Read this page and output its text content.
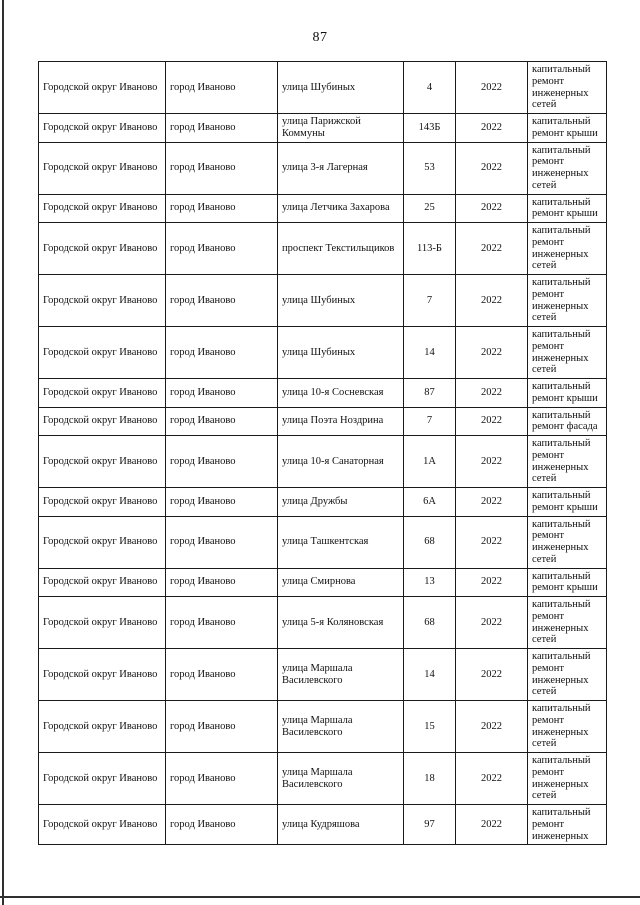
87
Городской округ Иваново	город Иваново	улица Шубиных	4	2022	капитальный ремонт инженерных сетей
Городской округ Иваново	город Иваново	улица Парижской Коммуны	143Б	2022	капитальный ремонт крыши
Городской округ Иваново	город Иваново	улица 3-я Лагерная	53	2022	капитальный ремонт инженерных сетей
Городской округ Иваново	город Иваново	улица Летчика Захарова	25	2022	капитальный ремонт крыши
Городской округ Иваново	город Иваново	проспект Текстильщиков	113-Б	2022	капитальный ремонт инженерных сетей
Городской округ Иваново	город Иваново	улица Шубиных	7	2022	капитальный ремонт инженерных сетей
Городской округ Иваново	город Иваново	улица Шубиных	14	2022	капитальный ремонт инженерных сетей
Городской округ Иваново	город Иваново	улица 10-я Сосневская	87	2022	капитальный ремонт крыши
Городской округ Иваново	город Иваново	улица Поэта Ноздрина	7	2022	капитальный ремонт фасада
Городской округ Иваново	город Иваново	улица 10-я Санаторная	1А	2022	капитальный ремонт инженерных сетей
Городской округ Иваново	город Иваново	улица Дружбы	6А	2022	капитальный ремонт крыши
Городской округ Иваново	город Иваново	улица Ташкентская	68	2022	капитальный ремонт инженерных сетей
Городской округ Иваново	город Иваново	улица Смирнова	13	2022	капитальный ремонт крыши
Городской округ Иваново	город Иваново	улица 5-я Коляновская	68	2022	капитальный ремонт инженерных сетей
Городской округ Иваново	город Иваново	улица Маршала Василевского	14	2022	капитальный ремонт инженерных сетей
Городской округ Иваново	город Иваново	улица Маршала Василевского	15	2022	капитальный ремонт инженерных сетей
Городской округ Иваново	город Иваново	улица Маршала Василевского	18	2022	капитальный ремонт инженерных сетей
Городской округ Иваново	город Иваново	улица Кудряшова	97	2022	капитальный ремонт инженерных
